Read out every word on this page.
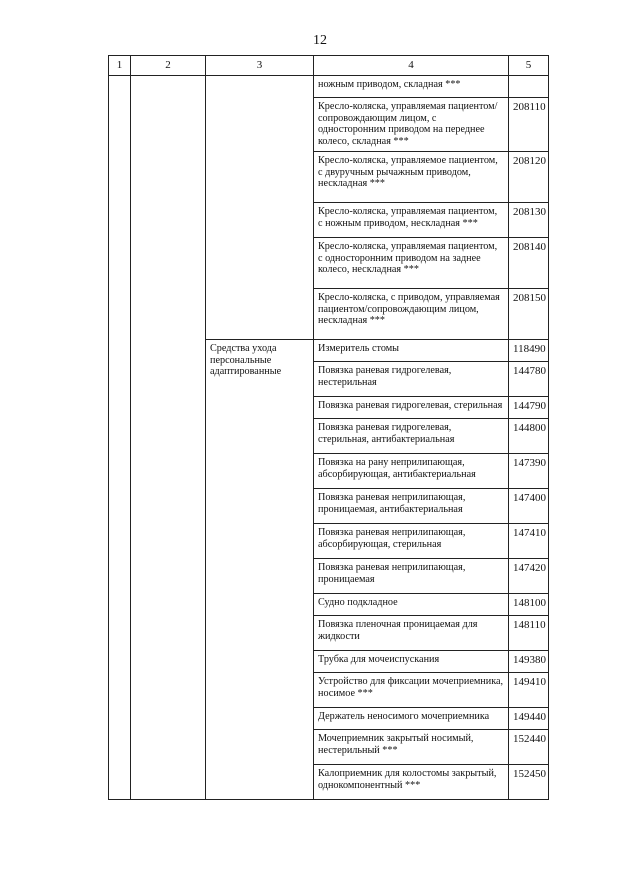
12
1	2	3	4	5
			ножным приводом, складная ***	
			Кресло-коляска, управляемая пациентом/сопровождающим лицом, с односторонним приводом на переднее колесо, складная ***	208110
			Кресло-коляска, управляемое пациентом, с двуручным рычажным приводом, нескладная ***	208120
			Кресло-коляска, управляемая пациентом, с ножным приводом, нескладная ***	208130
			Кресло-коляска, управляемая пациентом, с односторонним приводом на заднее колесо, нескладная ***	208140
			Кресло-коляска, с приводом, управляемая пациентом/сопровождающим лицом, нескладная ***	208150
		Средства ухода персональные адаптированные	Измеритель стомы	118490
			Повязка раневая гидрогелевая, нестерильная	144780
			Повязка раневая гидрогелевая, стерильная	144790
			Повязка раневая гидрогелевая, стерильная, антибактериальная	144800
			Повязка на рану неприлипающая, абсорбирующая, антибактериальная	147390
			Повязка раневая неприлипающая, проницаемая, антибактериальная	147400
			Повязка раневая неприлипающая, абсорбирующая, стерильная	147410
			Повязка раневая неприлипающая, проницаемая	147420
			Судно подкладное	148100
			Повязка пленочная проницаемая для жидкости	148110
			Трубка для мочеиспускания	149380
			Устройство для фиксации мочеприемника, носимое ***	149410
			Держатель неносимого мочеприемника	149440
			Мочеприемник закрытый носимый, нестерильный ***	152440
			Калоприемник для колостомы закрытый, однокомпонентный ***	152450
